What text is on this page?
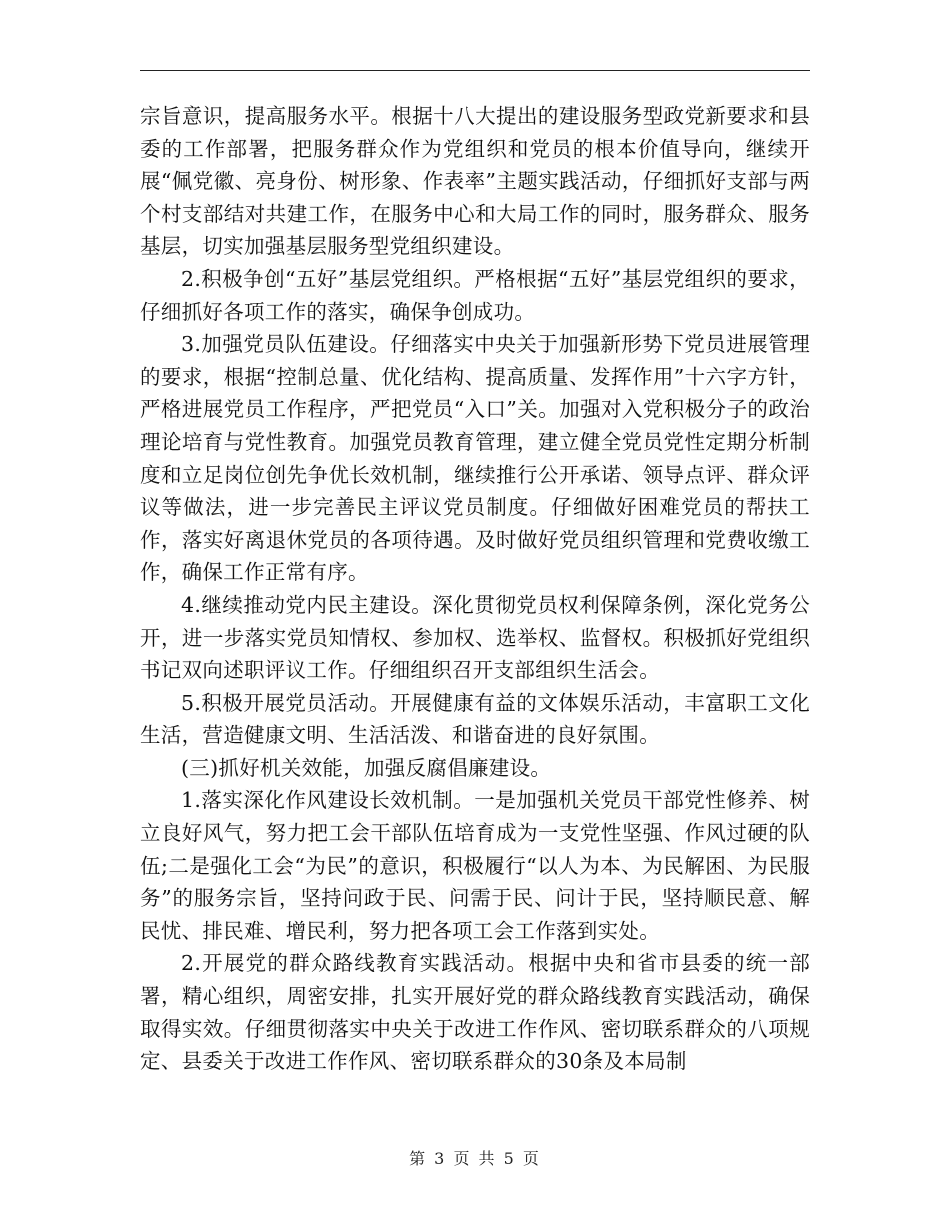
宗旨意识，提高服务水平。根据十八大提出的建设服务型政党新要求和县委的工作部署，把服务群众作为党组织和党员的根本价值导向，继续开展“佩党徽、亮身份、树形象、作表率”主题实践活动，仔细抓好支部与两个村支部结对共建工作，在服务中心和大局工作的同时，服务群众、服务基层，切实加强基层服务型党组织建设。

2.积极争创“五好”基层党组织。严格根据“五好”基层党组织的要求，仔细抓好各项工作的落实，确保争创成功。

3.加强党员队伍建设。仔细落实中央关于加强新形势下党员进展管理的要求，根据“控制总量、优化结构、提高质量、发挥作用”十六字方针，严格进展党员工作程序，严把党员“入口”关。加强对入党积极分子的政治理论培育与党性教育。加强党员教育管理，建立健全党员党性定期分析制度和立足岗位创先争优长效机制，继续推行公开承诺、领导点评、群众评议等做法，进一步完善民主评议党员制度。仔细做好困难党员的帮扶工作，落实好离退休党员的各项待遇。及时做好党员组织管理和党费收缴工作，确保工作正常有序。

4.继续推动党内民主建设。深化贯彻党员权利保障条例，深化党务公开，进一步落实党员知情权、参加权、选举权、监督权。积极抓好党组织书记双向述职评议工作。仔细组织召开支部组织生活会。

5.积极开展党员活动。开展健康有益的文体娱乐活动，丰富职工文化生活，营造健康文明、生活活泼、和谐奋进的良好氛围。

(三)抓好机关效能，加强反腐倡廉建设。

1.落实深化作风建设长效机制。一是加强机关党员干部党性修养、树立良好风气，努力把工会干部队伍培育成为一支党性坚强、作风过硬的队伍;二是强化工会“为民”的意识，积极履行“以人为本、为民解困、为民服务”的服务宗旨，坚持问政于民、问需于民、问计于民，坚持顺民意、解民忧、排民难、增民利，努力把各项工会工作落到实处。

2.开展党的群众路线教育实践活动。根据中央和省市县委的统一部署，精心组织，周密安排，扎实开展好党的群众路线教育实践活动，确保取得实效。仔细贯彻落实中央关于改进工作作风、密切联系群众的八项规定、县委关于改进工作作风、密切联系群众的30条及本局制

第 3 页 共 5 页
